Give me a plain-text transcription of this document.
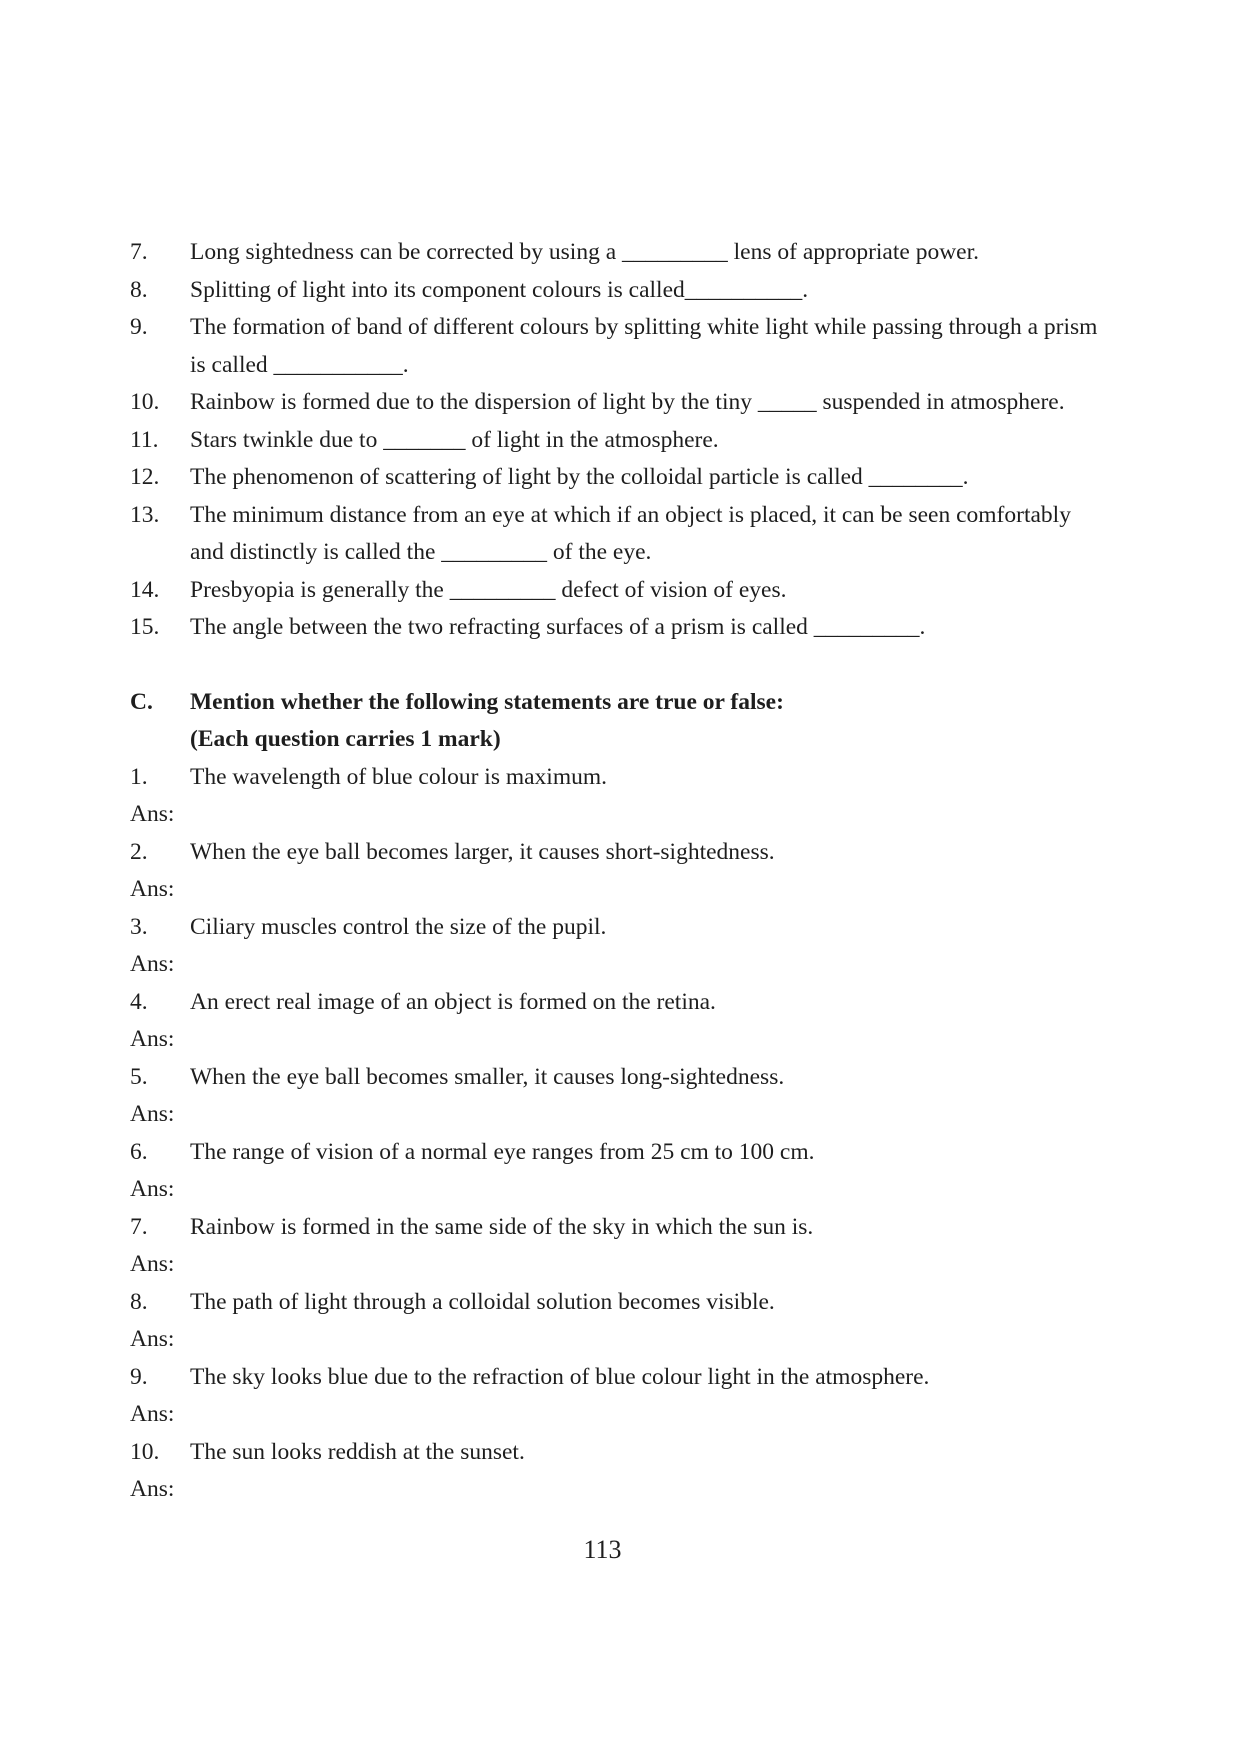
7.	Long sightedness can be corrected by using a _________ lens of appropriate power.
8.	Splitting of light into its component colours is called__________.
9.	The formation of band of different colours by splitting white light while passing through a prism
is called ___________.
10.	Rainbow is formed due to the dispersion of light by the tiny _____ suspended in atmosphere.
11.	Stars twinkle due to _______ of light in the atmosphere.
12.	The phenomenon of scattering of light by the colloidal particle is called ________.
13.	The minimum distance from an eye at which if an object is placed, it can be seen comfortably
and distinctly is called the _________ of the eye.
14.	Presbyopia is generally the _________ defect of vision of eyes.
15.	The angle between the two refracting surfaces of a prism is called _________.
C.	Mention whether the following statements are true or false:
(Each question carries 1 mark)
1.	The wavelength of blue colour is maximum.
Ans:
2.	When the eye ball becomes larger, it causes short-sightedness.
Ans:
3.	Ciliary muscles control the size of the pupil.
Ans:
4.	An erect real image of an object is formed on the retina.
Ans:
5.	When the eye ball becomes smaller, it causes long-sightedness.
Ans:
6.	The range of vision of a normal eye ranges from 25 cm to 100 cm.
Ans:
7.	Rainbow is formed in the same side of the sky in which the sun is.
Ans:
8.	The path of light through a colloidal solution becomes visible.
Ans:
9.	The sky looks blue due to the refraction of blue colour light in the atmosphere.
Ans:
10.	The sun looks reddish at the sunset.
Ans:
113
